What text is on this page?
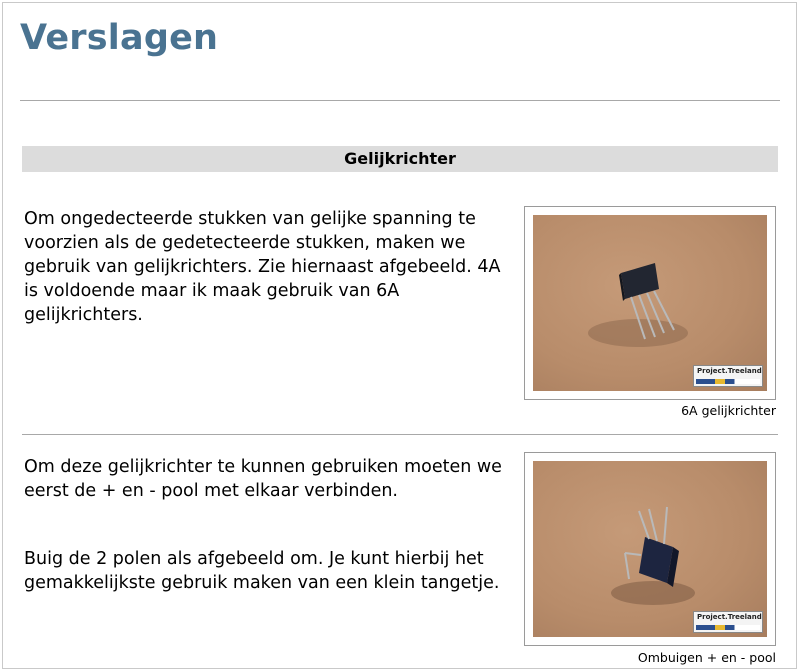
Verslagen
Gelijkrichter

Om ongedecteerde stukken van gelijke spanning te voorzien als de gedetecteerde stukken, maken we gebruik van gelijkrichters. Zie hiernaast afgebeeld. 4A is voldoende maar ik maak gebruik van 6A gelijkrichters.

Project.Treeland
6A gelijkrichter

Om deze gelijkrichter te kunnen gebruiken moeten we eerst de + en - pool met elkaar verbinden.

Buig de 2 polen als afgebeeld om. Je kunt hierbij het gemakkelijkste gebruik maken van een klein tangetje.

Project.Treeland
Ombuigen + en - pool
